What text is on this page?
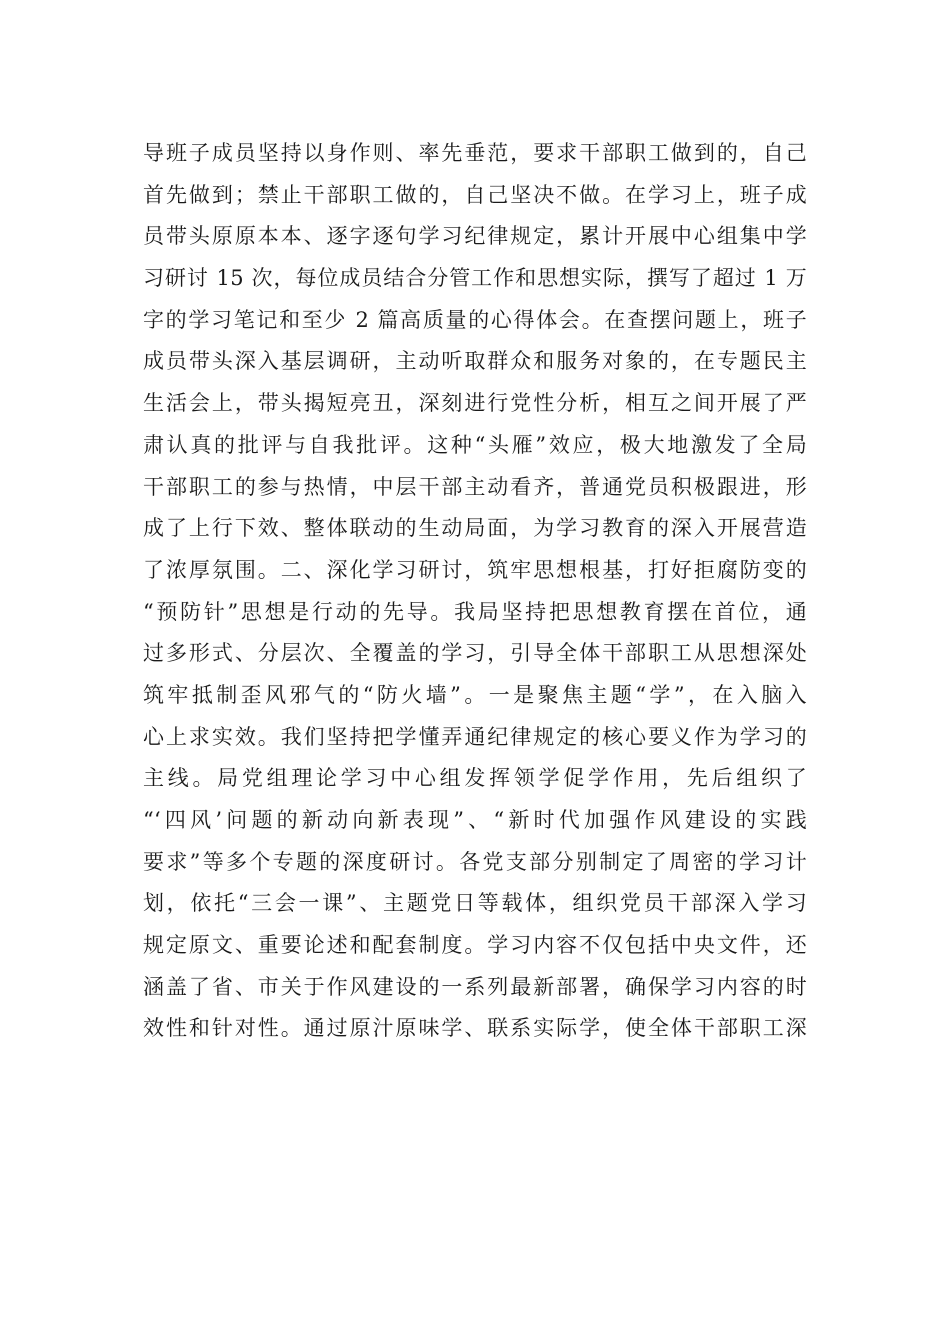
导班子成员坚持以身作则、率先垂范，要求干部职工做到的，自己
首先做到；禁止干部职工做的，自己坚决不做。在学习上，班子成
员带头原原本本、逐字逐句学习纪律规定，累计开展中心组集中学
习研讨 15 次，每位成员结合分管工作和思想实际，撰写了超过 1 万
字的学习笔记和至少 2 篇高质量的心得体会。在查摆问题上，班子
成员带头深入基层调研，主动听取群众和服务对象的，在专题民主
生活会上，带头揭短亮丑，深刻进行党性分析，相互之间开展了严
肃认真的批评与自我批评。这种“头雁”效应，极大地激发了全局
干部职工的参与热情，中层干部主动看齐，普通党员积极跟进，形
成了上行下效、整体联动的生动局面，为学习教育的深入开展营造
了浓厚氛围。二、深化学习研讨，筑牢思想根基，打好拒腐防变的
“预防针”思想是行动的先导。我局坚持把思想教育摆在首位，通
过多形式、分层次、全覆盖的学习，引导全体干部职工从思想深处
筑牢抵制歪风邪气的“防火墙”。一是聚焦主题“学”，在入脑入
心上求实效。我们坚持把学懂弄通纪律规定的核心要义作为学习的
主线。局党组理论学习中心组发挥领学促学作用，先后组织了
“‘四风’问题的新动向新表现”、“新时代加强作风建设的实践
要求”等多个专题的深度研讨。各党支部分别制定了周密的学习计
划，依托“三会一课”、主题党日等载体，组织党员干部深入学习
规定原文、重要论述和配套制度。学习内容不仅包括中央文件，还
涵盖了省、市关于作风建设的一系列最新部署，确保学习内容的时
效性和针对性。通过原汁原味学、联系实际学，使全体干部职工深
